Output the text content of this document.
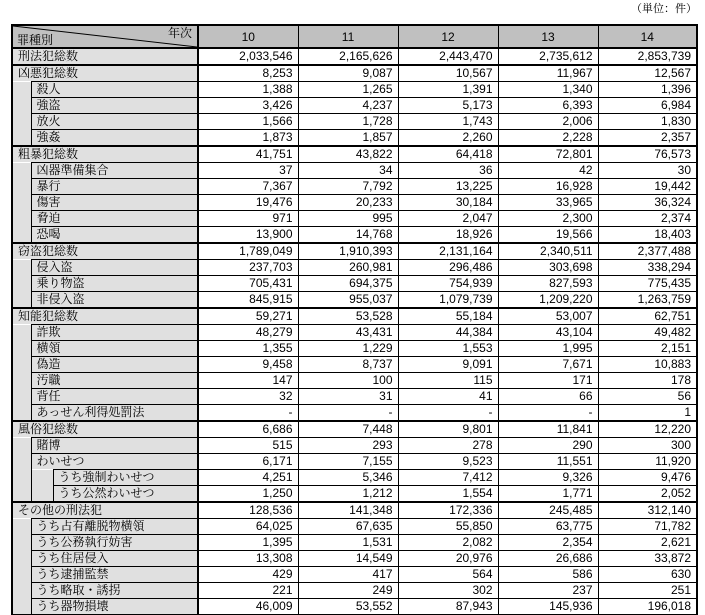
（単位：件）
年次
罪種別			10	11	12	13	14
刑法犯総数			2,033,546	2,165,626	2,443,470	2,735,612	2,853,739
凶悪犯総数			8,253	9,087	10,567	11,967	12,567
	殺人		1,388	1,265	1,391	1,340	1,396
	強盗		3,426	4,237	5,173	6,393	6,984
	放火		1,566	1,728	1,743	2,006	1,830
	強姦		1,873	1,857	2,260	2,228	2,357
粗暴犯総数			41,751	43,822	64,418	72,801	76,573
	凶器準備集合		37	34	36	42	30
	暴行		7,367	7,792	13,225	16,928	19,442
	傷害		19,476	20,233	30,184	33,965	36,324
	脅迫		971	995	2,047	2,300	2,374
	恐喝		13,900	14,768	18,926	19,566	18,403
窃盗犯総数			1,789,049	1,910,393	2,131,164	2,340,511	2,377,488
	侵入盗		237,703	260,981	296,486	303,698	338,294
	乗り物盗		705,431	694,375	754,939	827,593	775,435
	非侵入盗		845,915	955,037	1,079,739	1,209,220	1,263,759
知能犯総数			59,271	53,528	55,184	53,007	62,751
	詐欺		48,279	43,431	44,384	43,104	49,482
	横領		1,355	1,229	1,553	1,995	2,151
	偽造		9,458	8,737	9,091	7,671	10,883
	汚職		147	100	115	171	178
	背任		32	31	41	66	56
	あっせん利得処罰法		-	-	-	-	1
風俗犯総数			6,686	7,448	9,801	11,841	12,220
	賭博		515	293	278	290	300
	わいせつ		6,171	7,155	9,523	11,551	11,920
		うち強制わいせつ	4,251	5,346	7,412	9,326	9,476
		うち公然わいせつ	1,250	1,212	1,554	1,771	2,052
その他の刑法犯			128,536	141,348	172,336	245,485	312,140
	うち占有離脱物横領		64,025	67,635	55,850	63,775	71,782
	うち公務執行妨害		1,395	1,531	2,082	2,354	2,621
	うち住居侵入		13,308	14,549	20,976	26,686	33,872
	うち逮捕監禁		429	417	564	586	630
	うち略取・誘拐		221	249	302	237	251
	うち器物損壊		46,009	53,552	87,943	145,936	196,018
